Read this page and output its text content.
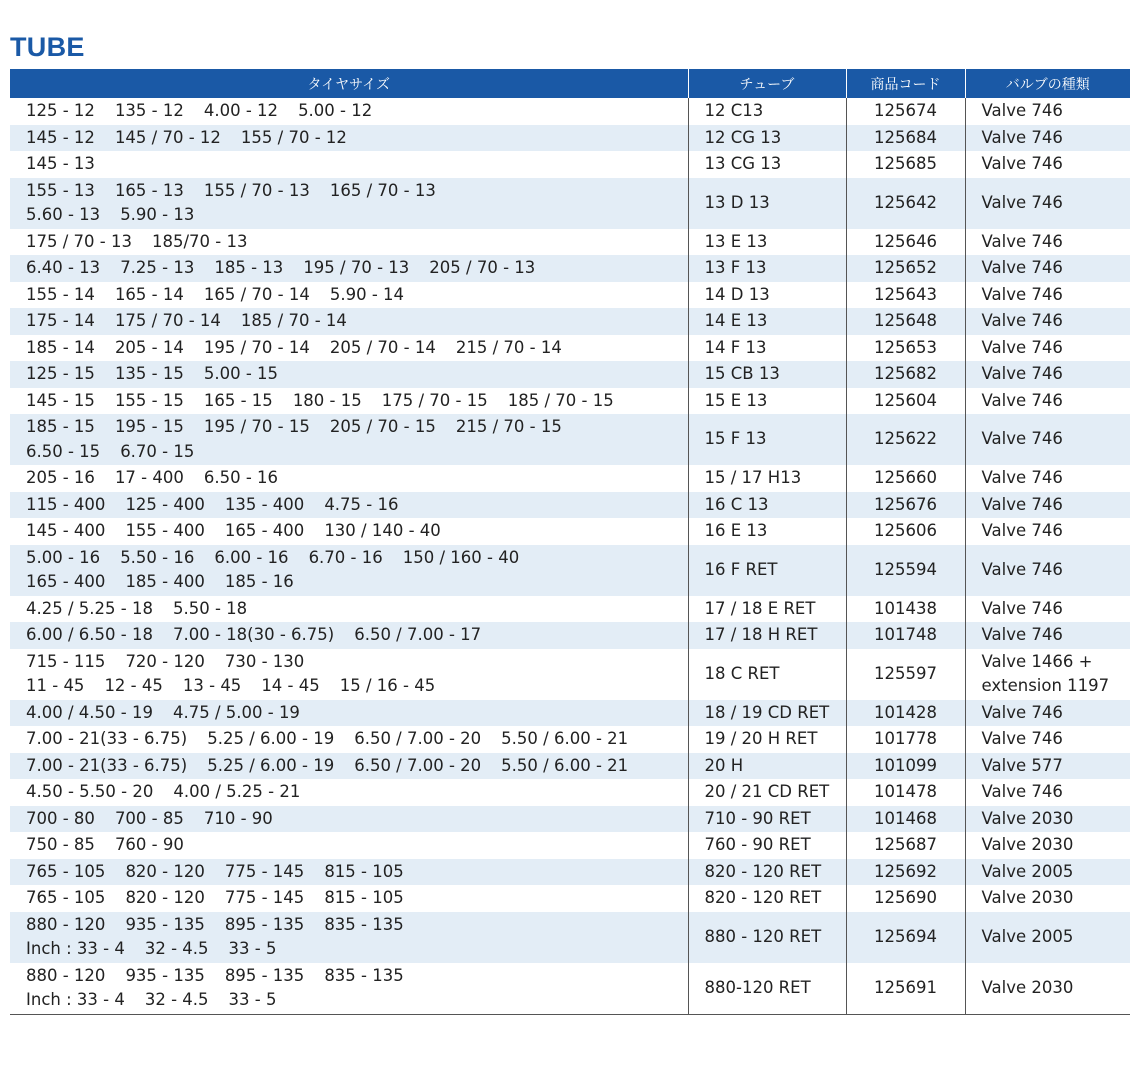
TUBE
タイヤサイズ	チューブ	商品コード	バルブの種類

125 - 12 135 - 12 4.00 - 12 5.00 - 12	12 C13	125674	Valve 746

145 - 12 145 / 70 - 12 155 / 70 - 12	12 CG 13	125684	Valve 746

145 - 13	13 CG 13	125685	Valve 746

155 - 13 165 - 13 155 / 70 - 13 165 / 70 - 13
5.60 - 13 5.90 - 13	13 D 13	125642	Valve 746

175 / 70 - 13 185/70 - 13	13 E 13	125646	Valve 746

6.40 - 13 7.25 - 13 185 - 13 195 / 70 - 13 205 / 70 - 13	13 F 13	125652	Valve 746

155 - 14 165 - 14 165 / 70 - 14 5.90 - 14	14 D 13	125643	Valve 746

175 - 14 175 / 70 - 14 185 / 70 - 14	14 E 13	125648	Valve 746

185 - 14 205 - 14 195 / 70 - 14 205 / 70 - 14 215 / 70 - 14	14 F 13	125653	Valve 746

125 - 15 135 - 15 5.00 - 15	15 CB 13	125682	Valve 746

145 - 15 155 - 15 165 - 15 180 - 15 175 / 70 - 15 185 / 70 - 15	15 E 13	125604	Valve 746

185 - 15 195 - 15 195 / 70 - 15 205 / 70 - 15 215 / 70 - 15
6.50 - 15 6.70 - 15	15 F 13	125622	Valve 746

205 - 16 17 - 400 6.50 - 16	15 / 17 H13	125660	Valve 746

115 - 400 125 - 400 135 - 400 4.75 - 16	16 C 13	125676	Valve 746

145 - 400 155 - 400 165 - 400 130 / 140 - 40	16 E 13	125606	Valve 746

5.00 - 16 5.50 - 16 6.00 - 16 6.70 - 16 150 / 160 - 40
165 - 400 185 - 400 185 - 16	16 F RET	125594	Valve 746

4.25 / 5.25 - 18 5.50 - 18	17 / 18 E RET	101438	Valve 746

6.00 / 6.50 - 18 7.00 - 18(30 - 6.75) 6.50 / 7.00 - 17	17 / 18 H RET	101748	Valve 746

715 - 115 720 - 120 730 - 130
11 - 45 12 - 45 13 - 45 14 - 45 15 / 16 - 45	18 C RET	125597	Valve 1466 + extension 1197

4.00 / 4.50 - 19 4.75 / 5.00 - 19	18 / 19 CD RET	101428	Valve 746

7.00 - 21(33 - 6.75) 5.25 / 6.00 - 19 6.50 / 7.00 - 20 5.50 / 6.00 - 21	19 / 20 H RET	101778	Valve 746

7.00 - 21(33 - 6.75) 5.25 / 6.00 - 19 6.50 / 7.00 - 20 5.50 / 6.00 - 21	20 H	101099	Valve 577

4.50 - 5.50 - 20 4.00 / 5.25 - 21	20 / 21 CD RET	101478	Valve 746

700 - 80 700 - 85 710 - 90	710 - 90 RET	101468	Valve 2030

750 - 85 760 - 90	760 - 90 RET	125687	Valve 2030

765 - 105 820 - 120 775 - 145 815 - 105	820 - 120 RET	125692	Valve 2005

765 - 105 820 - 120 775 - 145 815 - 105	820 - 120 RET	125690	Valve 2030

880 - 120 935 - 135 895 - 135 835 - 135
Inch : 33 - 4 32 - 4.5 33 - 5	880 - 120 RET	125694	Valve 2005

880 - 120 935 - 135 895 - 135 835 - 135
Inch : 33 - 4 32 - 4.5 33 - 5	880-120 RET	125691	Valve 2030
